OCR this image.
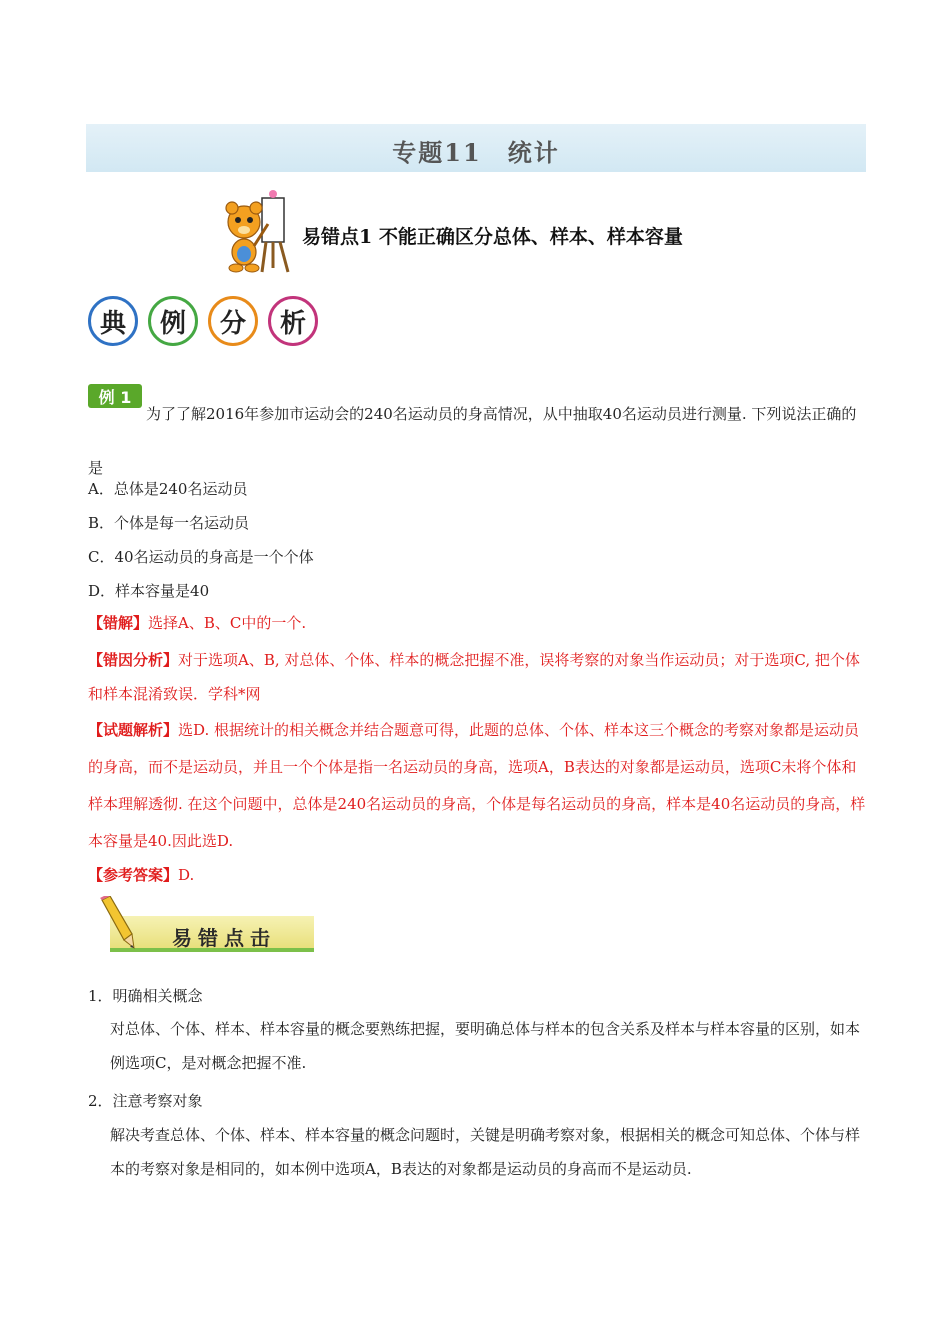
专题11　统计
易错点1 不能正确区分总体、样本、样本容量
典	例	分	析
例 1
为了了解2016年参加市运动会的240名运动员的身高情况，从中抽取40名运动员进行测量. 下列说法正确的是
A．总体是240名运动员
B．个体是每一名运动员
C．40名运动员的身高是一个个体
D．样本容量是40
【错解】选择A、B、C中的一个.
【错因分析】对于选项A、B, 对总体、个体、样本的概念把握不准，误将考察的对象当作运动员；对于选项C, 把个体和样本混淆致误．学科*网
【试题解析】选D. 根据统计的相关概念并结合题意可得，此题的总体、个体、样本这三个概念的考察对象都是运动员的身高，而不是运动员，并且一个个体是指一名运动员的身高，选项A，B表达的对象都是运动员，选项C未将个体和样本理解透彻. 在这个问题中，总体是240名运动员的身高，个体是每名运动员的身高，样本是40名运动员的身高，样本容量是40.因此选D.
【参考答案】D.
易错点击
1．明确相关概念
对总体、个体、样本、样本容量的概念要熟练把握，要明确总体与样本的包含关系及样本与样本容量的区别，如本例选项C，是对概念把握不准.
2．注意考察对象
解决考查总体、个体、样本、样本容量的概念问题时，关键是明确考察对象，根据相关的概念可知总体、个体与样本的考察对象是相同的，如本例中选项A，B表达的对象都是运动员的身高而不是运动员.
